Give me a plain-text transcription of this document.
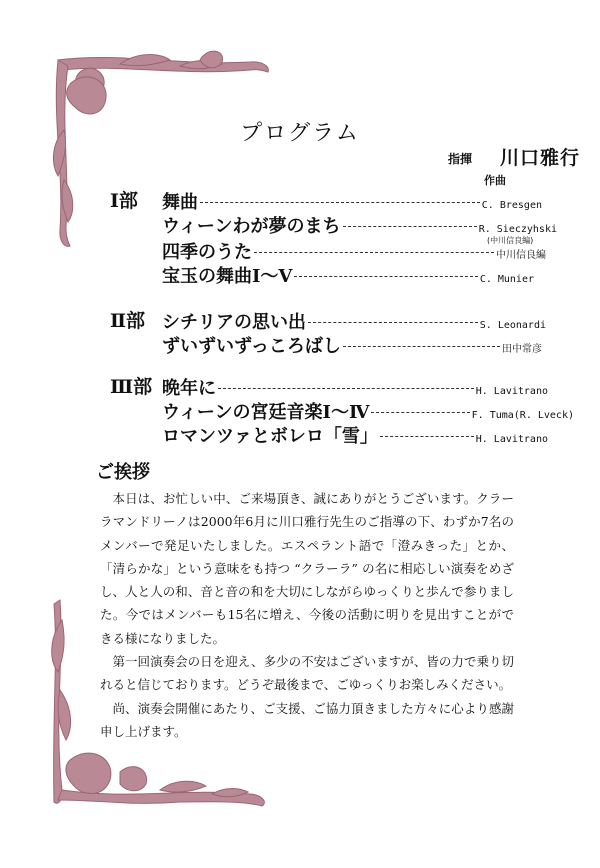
プログラム
指揮 川口雅行
作曲
Ⅰ部 舞曲	C. Bresgen
ウィーンわが夢のまち	R. Sieczyhski
(中川信良編)
四季のうた	中川信良編
宝玉の舞曲Ⅰ～Ⅴ	C. Munier
Ⅱ部 シチリアの思い出	S. Leonardi
ずいずいずっころばし	田中常彦
Ⅲ部 晩年に	H. Lavitrano
ウィーンの宮廷音楽Ⅰ～Ⅳ	F. Tuma(R. Lveck)
ロマンツァとボレロ「雪」	H. Lavitrano
ご挨拶

本日は、お忙しい中、ご来場頂き、誠にありがとうございます。クラーラマンドリーノは2000年6月に川口雅行先生のご指導の下、わずか7名のメンバーで発足いたしました。エスペラント語で「澄みきった」とか、「清らかな」という意味をも持つ “クラーラ” の名に相応しい演奏をめざし、人と人の和、音と音の和を大切にしながらゆっくりと歩んで参りました。今ではメンバーも15名に増え、今後の活動に明りを見出すことができる様になりました。

第一回演奏会の日を迎え、多少の不安はございますが、皆の力で乗り切れると信じております。どうぞ最後まで、ごゆっくりお楽しみください。

尚、演奏会開催にあたり、ご支援、ご協力頂きました方々に心より感謝申し上げます。
